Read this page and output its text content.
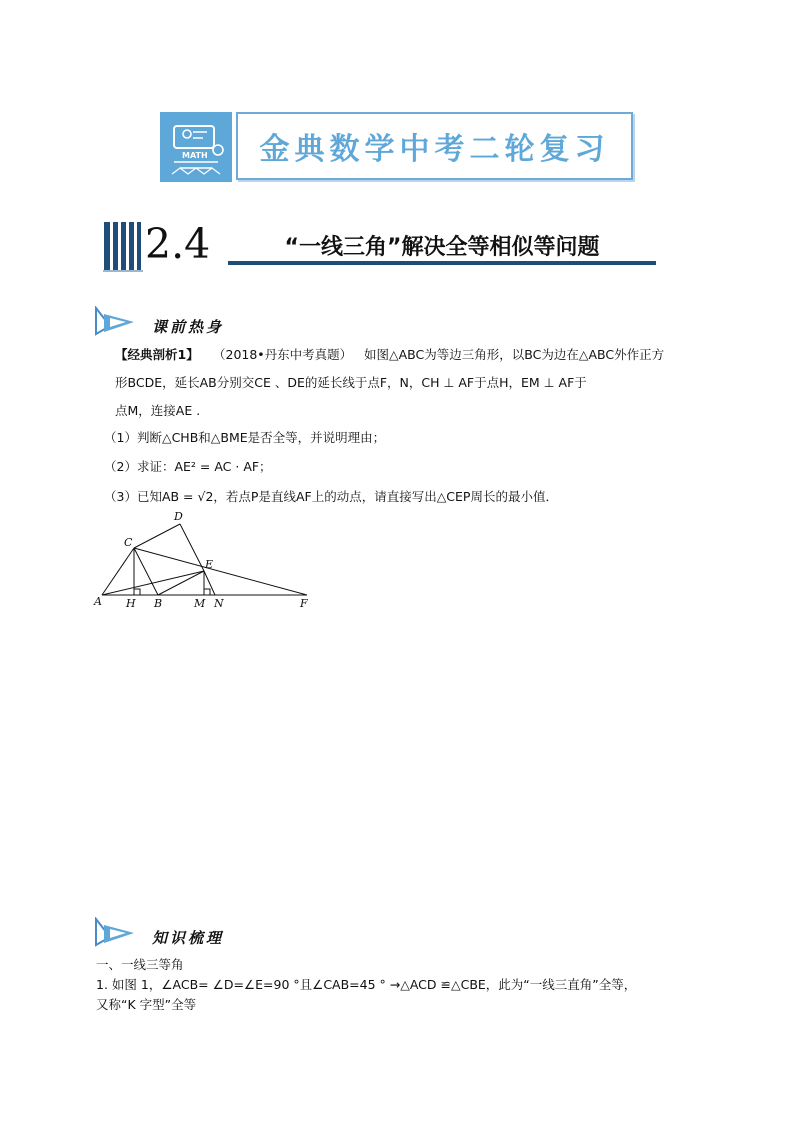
MATH	金典数学中考二轮复习
2.4	“一线三角”解决全等相似等问题
课前热身
【经典剖析1】 （2018•丹东中考真题） 如图△ABC为等边三角形，以BC为边在△ABC外作正方
形BCDE，延长AB分别交CE 、DE的延长线于点F，N，CH ⊥ AF于点H，EM ⊥ AF于
点M，连接AE .
（1）判断△CHB和△BME是否全等，并说明理由；
（2）求证：AE² = AC · AF；
（3）已知AB = √2，若点P是直线AF上的动点，请直接写出△CEP周长的最小值．
A H B	M N	F
C
D
E
知识梳理
一、一线三等角
1. 如图 1，∠ACB= ∠D=∠E=90 °且∠CAB=45 ° →△ACD ≌△CBE，此为“一线三直角”全等，
又称“K 字型”全等
